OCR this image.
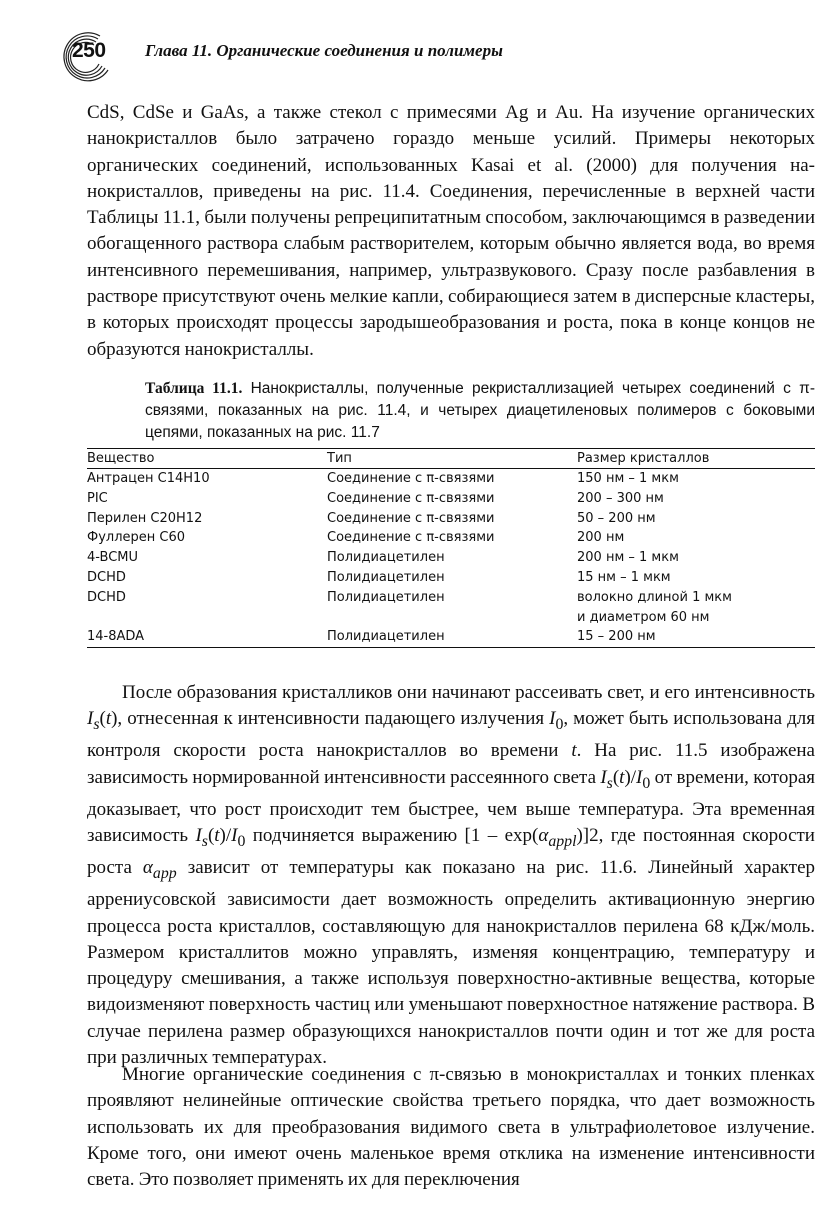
250 Глава 11. Органические соединения и полимеры

CdS, CdSe и GaAs, а также стекол с примесями Ag и Au. На изучение органических нанокристаллов было затрачено гораздо меньше усилий. Примеры некоторых органических соединений, использованных Kasai et al. (2000) для получения нанокристаллов, приведены на рис. 11.4. Соединения, перечисленные в верхней части Таблицы 11.1, были получены репреципитатным способом, заключающимся в разведении обогащенного раствора слабым растворителем, которым обычно является вода, во время интенсивного перемешивания, например, ультразвукового. Сразу после разбавления в растворе присутствуют очень мелкие капли, собирающиеся затем в дисперсные кластеры, в которых происходят процессы зародышеобразования и роста, пока в конце концов не образуются нанокристаллы.

Таблица 11.1. Нанокристаллы, полученные рекристаллизацией четырех соединений с π-связями, показанных на рис. 11.4, и четырех диацетиленовых полимеров с боковыми цепями, показанных на рис. 11.7

Вещество	Тип	Размер кристаллов
Антрацен C14H10	Соединение с π-связями	150 нм – 1 мкм
PIC	Соединение с π-связями	200 – 300 нм
Перилен C20H12	Соединение с π-связями	50 – 200 нм
Фуллерен C60	Соединение с π-связями	200 нм
4-BCMU	Полидиацетилен	200 нм – 1 мкм
DCHD	Полидиацетилен	15 нм – 1 мкм
DCHD	Полидиацетилен	волокно длиной 1 мкм
		и диаметром 60 нм
14-8ADA	Полидиацетилен	15 – 200 нм

После образования кристалликов они начинают рассеивать свет, и его интенсивность $I_s(t)$, отнесенная к интенсивности падающего излучения $I_0$, может быть использована для контроля скорости роста нанокристаллов во времени t. На рис. 11.5 изображена зависимость нормированной интенсивности рассеянного света $I_s(t)/I_0$ от времени, которая доказывает, что рост происходит тем быстрее, чем выше температура. Эта временная зависимость $I_s(t)/I_0$ подчиняется выражению $[1 - \exp(\alpha_{appl})]2$, где постоянная скорости роста $\alpha_{app}$ зависит от температуры как показано на рис. 11.6. Линейный характер аррениусовской зависимости дает возможность определить активационную энергию процесса роста кристаллов, составляющую для нанокристаллов перилена 68 кДж/моль. Размером кристаллитов можно управлять, изменяя концентрацию, температуру и процедуру смешивания, а также используя поверхностно-активные вещества, которые видоизменяют поверхность частиц или уменьшают поверхностное натяжение раствора. В случае перилена размер образующихся нанокристаллов почти один и тот же для роста при различных температурах.

Многие органические соединения с π-связью в монокристаллах и тонких пленках проявляют нелинейные оптические свойства третьего порядка, что дает возможность использовать их для преобразования видимого света в ультрафиолетовое излучение. Кроме того, они имеют очень маленькое время отклика на изменение интенсивности света. Это позволяет применять их для переключения
